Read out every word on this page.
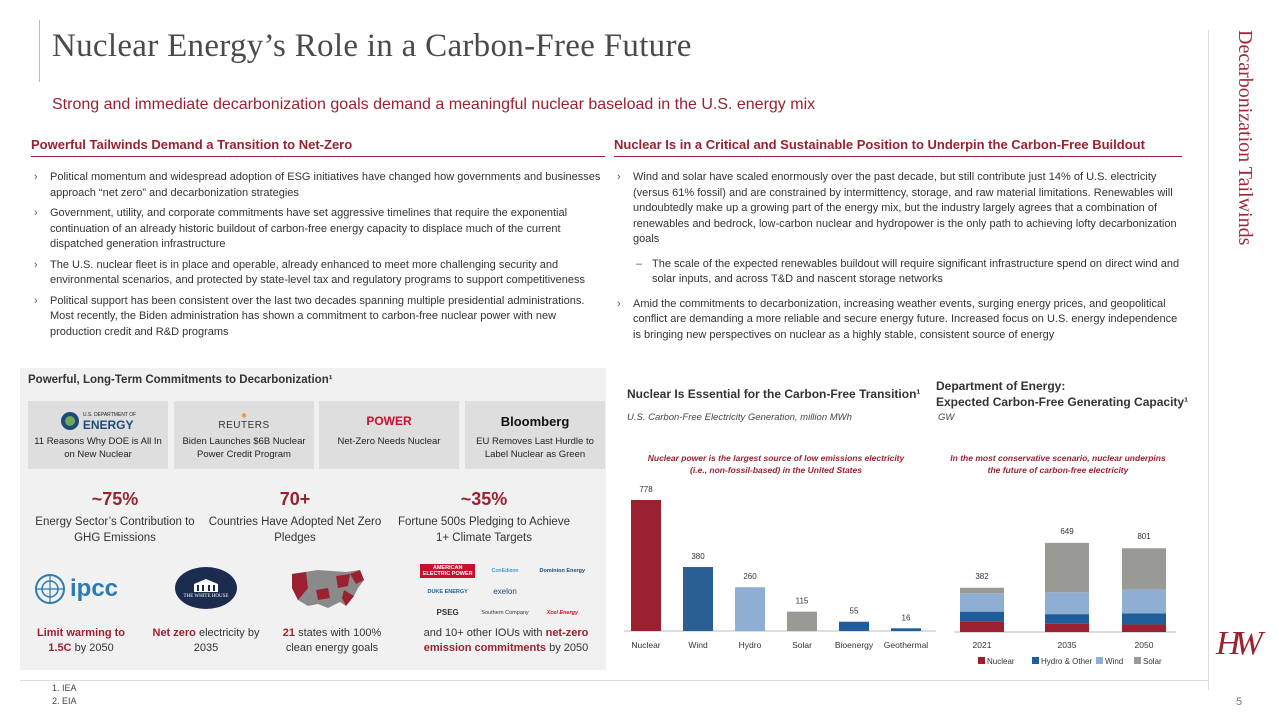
Nuclear Energy’s Role in a Carbon-Free Future
Strong and immediate decarbonization goals demand a meaningful nuclear baseload in the U.S. energy mix	Decarbonization Tailwinds
Powerful Tailwinds Demand a Transition to Net-Zero
› Political momentum and widespread adoption of ESG initiatives have changed how governments and businesses approach “net zero” and decarbonization strategies
› Government, utility, and corporate commitments have set aggressive timelines that require the exponential continuation of an already historic buildout of carbon-free energy capacity to displace much of the current dispatched generation infrastructure
› The U.S. nuclear fleet is in place and operable, already enhanced to meet more challenging security and environmental scenarios, and protected by state-level tax and regulatory programs to support competitiveness
› Political support has been consistent over the last two decades spanning multiple presidential administrations. Most recently, the Biden administration has shown a commitment to carbon-free nuclear power with new production credit and R&D programs
Nuclear Is in a Critical and Sustainable Position to Underpin the Carbon-Free Buildout
› Wind and solar have scaled enormously over the past decade, but still contribute just 14% of U.S. electricity (versus 61% fossil) and are constrained by intermittency, storage, and raw material limitations. Renewables will undoubtedly make up a growing part of the energy mix, but the industry largely agrees that a combination of renewables and bedrock, low-carbon nuclear and hydropower is the only path to achieving lofty decarbonization goals
– The scale of the expected renewables buildout will require significant infrastructure spend on direct wind and solar inputs, and across T&D and nascent storage networks
› Amid the commitments to decarbonization, increasing weather events, surging energy prices, and geopolitical conflict are demanding a more reliable and secure energy future. Increased focus on U.S. energy independence is bringing new perspectives on nuclear as a highly stable, consistent source of energy
Powerful, Long-Term Commitments to Decarbonization¹
U.S. DEPARTMENT OF
ENERGY
11 Reasons Why DOE is All In on New Nuclear
✺
REUTERS
Biden Launches $6B Nuclear Power Credit Program
POWER
Net-Zero Needs Nuclear
Bloomberg
EU Removes Last Hurdle to Label Nuclear as Green
~75%
Energy Sector’s Contribution to GHG Emissions
70+
Countries Have Adopted Net Zero Pledges
~35%
Fortune 500s Pledging to Achieve 1+ Climate Targets
ipcc	THE WHITE HOUSE
AMERICAN ELECTRIC POWER	ConEdison	Dominion Energy
DUKE ENERGY	exelon
PSEG	Southern Company	Xcel Energy
Limit warming to 1.5C by 2050
Net zero electricity by 2035
21 states with 100% clean energy goals
and 10+ other IOUs with net-zero emission commitments by 2050
Nuclear Is Essential for the Carbon-Free Transition¹
U.S. Carbon-Free Electricity Generation, million MWh
Nuclear power is the largest source of low emissions electricity (i.e., non-fossil-based) in the United States
778
Nuclear
380
Wind
260
Hydro
115
Solar
55
Bioenergy
16
Geothermal
Department of Energy:
Expected Carbon-Free Generating Capacity¹
GW
In the most conservative scenario, nuclear underpins the future of carbon-free electricity
382
2021
649
2035
801
2050
Nuclear	Hydro & Other Wind Solar
1. IEA
2. EIA
HW
5
